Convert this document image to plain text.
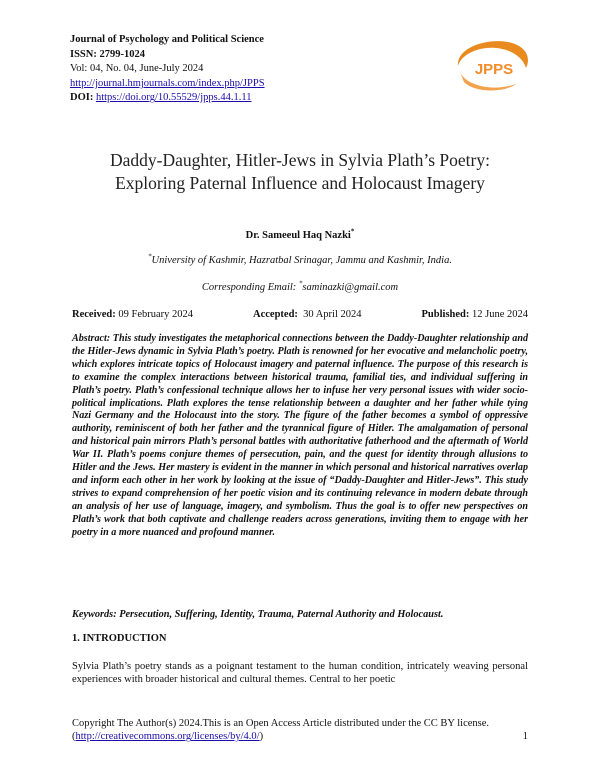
Journal of Psychology and Political Science
ISSN: 2799-1024
Vol: 04, No. 04, June-July 2024
http://journal.hmjournals.com/index.php/JPPS
DOI: https://doi.org/10.55529/jpps.44.1.11
JPPS
Daddy-Daughter, Hitler-Jews in Sylvia Plath’s Poetry:
Exploring Paternal Influence and Holocaust Imagery
Dr. Sameeul Haq Nazki*
*University of Kashmir, Hazratbal Srinagar, Jammu and Kashmir, India.
Corresponding Email: *saminazki@gmail.com
Received: 09 February 2024	Accepted: 30 April 2024	Published: 12 June 2024
Abstract: This study investigates the metaphorical connections between the Daddy-Daughter relationship and the Hitler-Jews dynamic in Sylvia Plath’s poetry. Plath is renowned for her evocative and melancholic poetry, which explores intricate topics of Holocaust imagery and paternal influence. The purpose of this research is to examine the complex interactions between historical trauma, familial ties, and individual suffering in Plath’s poetry. Plath’s confessional technique allows her to infuse her very personal issues with wider socio-political implications. Plath explores the tense relationship between a daughter and her father while tying Nazi Germany and the Holocaust into the story. The figure of the father becomes a symbol of oppressive authority, reminiscent of both her father and the tyrannical figure of Hitler. The amalgamation of personal and historical pain mirrors Plath’s personal battles with authoritative fatherhood and the aftermath of World War II. Plath’s poems conjure themes of persecution, pain, and the quest for identity through allusions to Hitler and the Jews. Her mastery is evident in the manner in which personal and historical narratives overlap and inform each other in her work by looking at the issue of “Daddy-Daughter and Hitler-Jews”. This study strives to expand comprehension of her poetic vision and its continuing relevance in modern debate through an analysis of her use of language, imagery, and symbolism. Thus the goal is to offer new perspectives on Plath’s work that both captivate and challenge readers across generations, inviting them to engage with her poetry in a more nuanced and profound manner.
Keywords: Persecution, Suffering, Identity, Trauma, Paternal Authority and Holocaust.
1. INTRODUCTION
Sylvia Plath’s poetry stands as a poignant testament to the human condition, intricately weaving personal experiences with broader historical and cultural themes. Central to her poetic
Copyright The Author(s) 2024.This is an Open Access Article distributed under the CC BY license. (http://creativecommons.org/licenses/by/4.0/)	1
